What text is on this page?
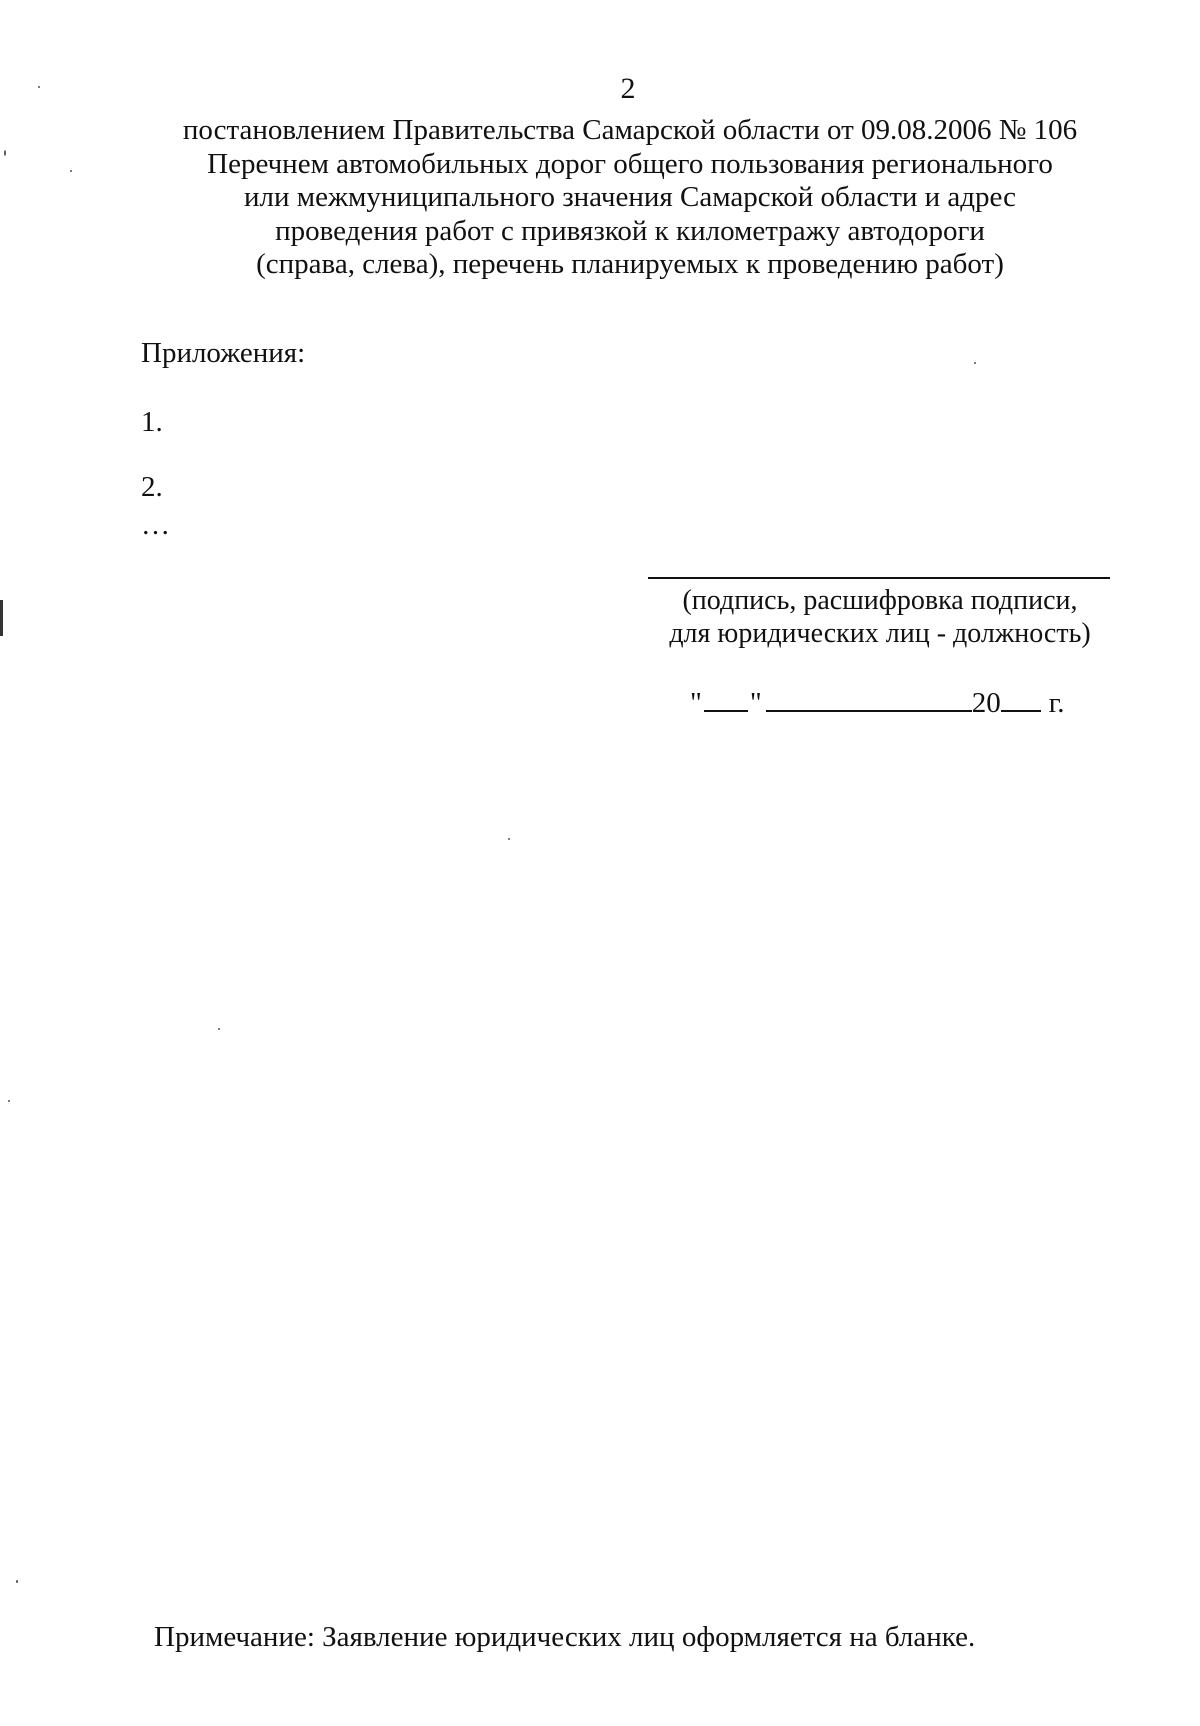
2
постановлением Правительства Самарской области от 09.08.2006 № 106
Перечнем автомобильных дорог общего пользования регионального
или межмуниципального значения Самарской области и адрес
проведения работ с привязкой к километражу автодороги
(справа, слева), перечень планируемых к проведению работ)
Приложения:
1.
2.
…
(подпись, расшифровка подписи,
для юридических лиц - должность)
" "	20 г.
Примечание: Заявление юридических лиц оформляется на бланке.
